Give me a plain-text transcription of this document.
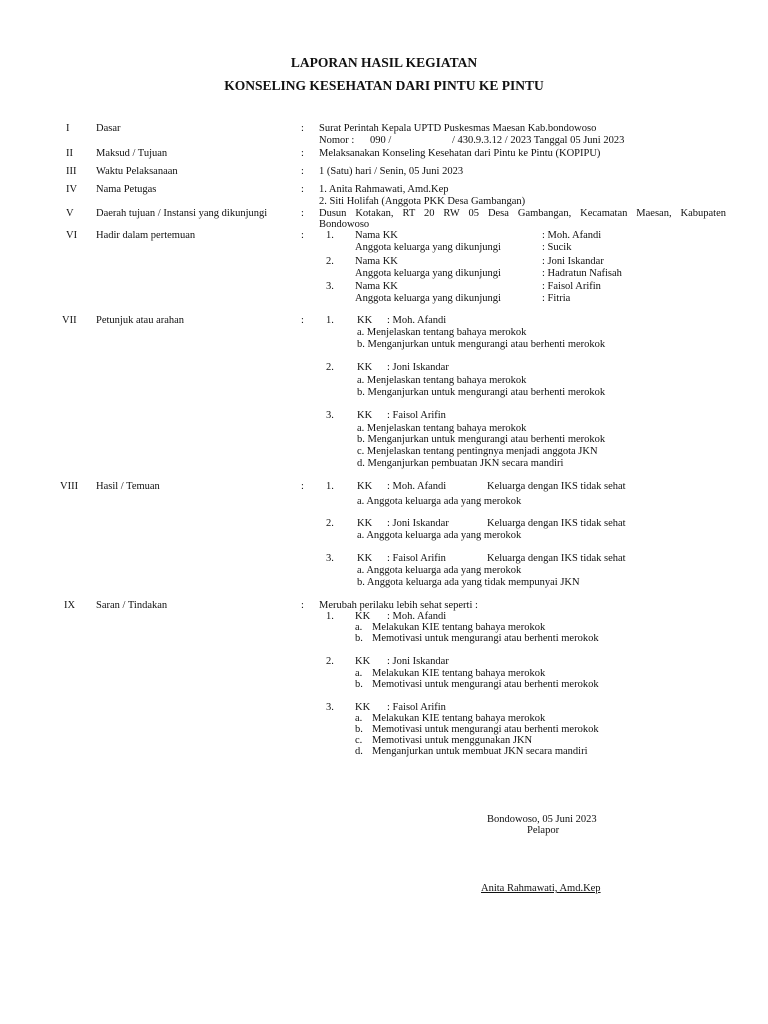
LAPORAN HASIL KEGIATAN
KONSELING KESEHATAN DARI PINTU KE PINTU
I	Dasar	: Surat Perintah Kepala UPTD Puskesmas Maesan Kab.bondowoso
Nomor : 090 /	/ 430.9.3.12 / 2023 Tanggal 05 Juni 2023
II Maksud / Tujuan	: Melaksanakan Konseling Kesehatan dari Pintu ke Pintu (KOPIPU)
III Waktu Pelaksanaan	: 1 (Satu) hari / Senin, 05 Juni 2023
IV Nama Petugas	: 1. Anita Rahmawati, Amd.Kep
2. Siti Holifah (Anggota PKK Desa Gambangan)
V Daerah tujuan / Instansi yang dikunjungi	: Dusun Kotakan, RT 20 RW 05 Desa Gambangan, Kecamatan Maesan, Kabupaten
Bondowoso
VI Hadir dalam pertemuan	: 1. Nama KK	: Moh. Afandi
Anggota keluarga yang dikunjungi	: Sucik
2. Nama KK	: Joni Iskandar
Anggota keluarga yang dikunjungi	: Hadratun Nafisah
3. Nama KK	: Faisol Arifin
Anggota keluarga yang dikunjungi	: Fitria
VII Petunjuk atau arahan	: 1. KK : Moh. Afandi
a. Menjelaskan tentang bahaya merokok
b. Menganjurkan untuk mengurangi atau berhenti merokok
2. KK : Joni Iskandar
a. Menjelaskan tentang bahaya merokok
b. Menganjurkan untuk mengurangi atau berhenti merokok
3. KK : Faisol Arifin
a. Menjelaskan tentang bahaya merokok
b. Menganjurkan untuk mengurangi atau berhenti merokok
c. Menjelaskan tentang pentingnya menjadi anggota JKN
d. Menganjurkan pembuatan JKN secara mandiri
VIII Hasil / Temuan	: 1. KK : Moh. Afandi	Keluarga dengan IKS tidak sehat
a. Anggota keluarga ada yang merokok
2. KK : Joni Iskandar	Keluarga dengan IKS tidak sehat
a. Anggota keluarga ada yang merokok
3. KK : Faisol Arifin	Keluarga dengan IKS tidak sehat
a. Anggota keluarga ada yang merokok
b. Anggota keluarga ada yang tidak mempunyai JKN
IX Saran / Tindakan	: Merubah perilaku lebih sehat seperti :
1. KK : Moh. Afandi
a. Melakukan KIE tentang bahaya merokok
b. Memotivasi untuk mengurangi atau berhenti merokok
2. KK : Joni Iskandar
a. Melakukan KIE tentang bahaya merokok
b. Memotivasi untuk mengurangi atau berhenti merokok
3. KK : Faisol Arifin
a. Melakukan KIE tentang bahaya merokok
b. Memotivasi untuk mengurangi atau berhenti merokok
c. Memotivasi untuk menggunakan JKN
d. Menganjurkan untuk membuat JKN secara mandiri
Bondowoso, 05 Juni 2023
Pelapor
Anita Rahmawati, Amd.Kep
